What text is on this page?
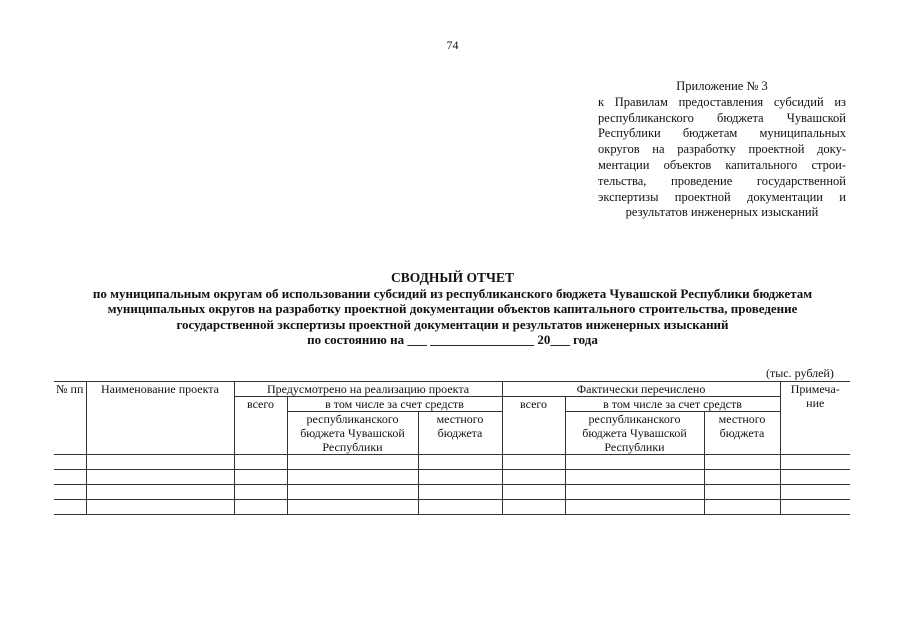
74
Приложение № 3
к Правилам предоставления субсидий из
республиканского бюджета Чувашской
Республики бюджетам муниципальных
округов на разработку проектной доку-
ментации объектов капитального строи-
тельства, проведение государственной
экспертизы проектной документации и
результатов инженерных изысканий
СВОДНЫЙ ОТЧЕТ
по муниципальным округам об использовании субсидий из республиканского бюджета Чувашской Республики бюджетам
муниципальных округов на разработку проектной документации объектов капитального строительства, проведение
государственной экспертизы проектной документации и результатов инженерных изысканий
по состоянию на ___ ________________ 20___ года
(тыс. рублей)
№ пп	Наименование проекта	Предусмотрено на реализацию проекта			Фактически перечислено			Примеча-ние
		всего	в том числе за счет средств		всего	в том числе за счет средств		
			республиканского бюджета Чувашской Республики	местного бюджета		республиканского бюджета Чувашской Республики	местного бюджета	
